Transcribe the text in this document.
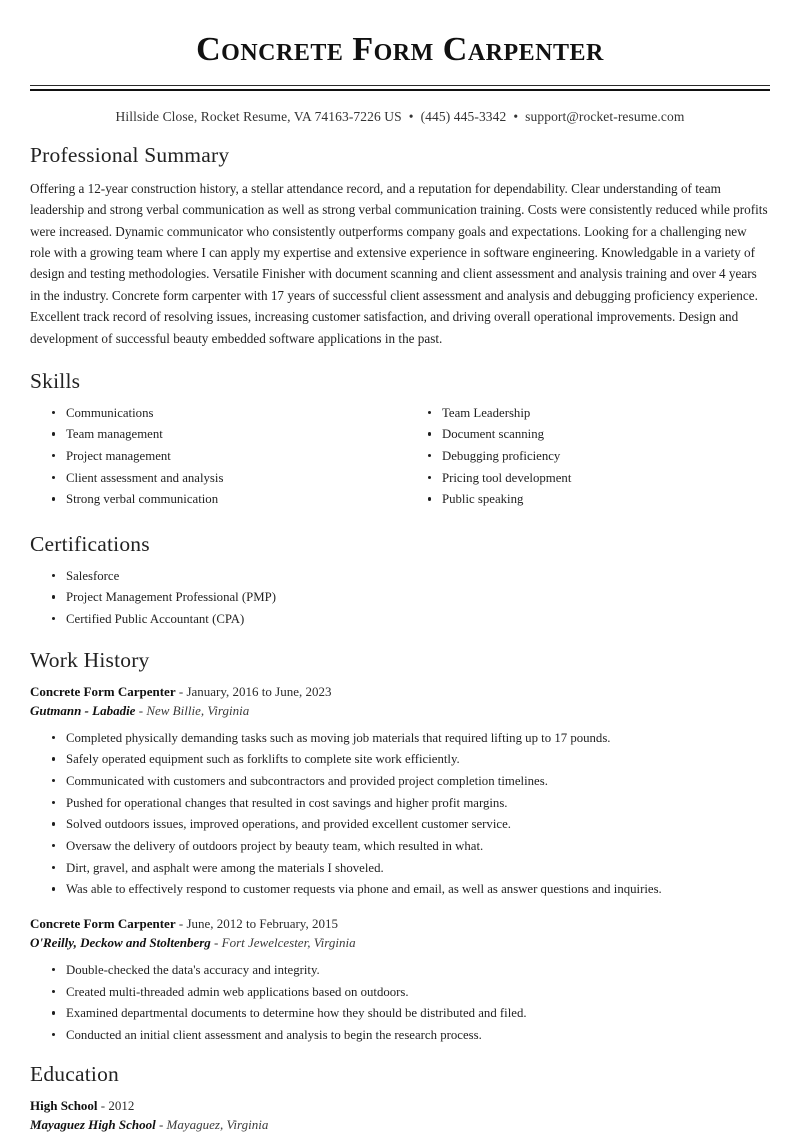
Concrete Form Carpenter
Hillside Close, Rocket Resume, VA 74163-7226 US • (445) 445-3342 • support@rocket-resume.com
Professional Summary

Offering a 12-year construction history, a stellar attendance record, and a reputation for dependability. Clear understanding of team leadership and strong verbal communication as well as strong verbal communication training. Costs were consistently reduced while profits were increased. Dynamic communicator who consistently outperforms company goals and expectations. Looking for a challenging new role with a growing team where I can apply my expertise and extensive experience in software engineering. Knowledgable in a variety of design and testing methodologies. Versatile Finisher with document scanning and client assessment and analysis training and over 4 years in the industry. Concrete form carpenter with 17 years of successful client assessment and analysis and debugging proficiency experience. Excellent track record of resolving issues, increasing customer satisfaction, and driving overall operational improvements. Design and development of successful beauty embedded software applications in the past.

Skills
Communications
Team management
Project management
Client assessment and analysis
Strong verbal communication
Team Leadership
Document scanning
Debugging proficiency
Pricing tool development
Public speaking
Certifications
Salesforce
Project Management Professional (PMP)
Certified Public Accountant (CPA)
Work History
Concrete Form Carpenter - January, 2016 to June, 2023
Gutmann - Labadie - New Billie, Virginia
Completed physically demanding tasks such as moving job materials that required lifting up to 17 pounds.
Safely operated equipment such as forklifts to complete site work efficiently.
Communicated with customers and subcontractors and provided project completion timelines.
Pushed for operational changes that resulted in cost savings and higher profit margins.
Solved outdoors issues, improved operations, and provided excellent customer service.
Oversaw the delivery of outdoors project by beauty team, which resulted in what.
Dirt, gravel, and asphalt were among the materials I shoveled.
Was able to effectively respond to customer requests via phone and email, as well as answer questions and inquiries.
Concrete Form Carpenter - June, 2012 to February, 2015
O'Reilly, Deckow and Stoltenberg - Fort Jewelcester, Virginia
Double-checked the data's accuracy and integrity.
Created multi-threaded admin web applications based on outdoors.
Examined departmental documents to determine how they should be distributed and filed.
Conducted an initial client assessment and analysis to begin the research process.
Education
High School - 2012
Mayaguez High School - Mayaguez, Virginia
